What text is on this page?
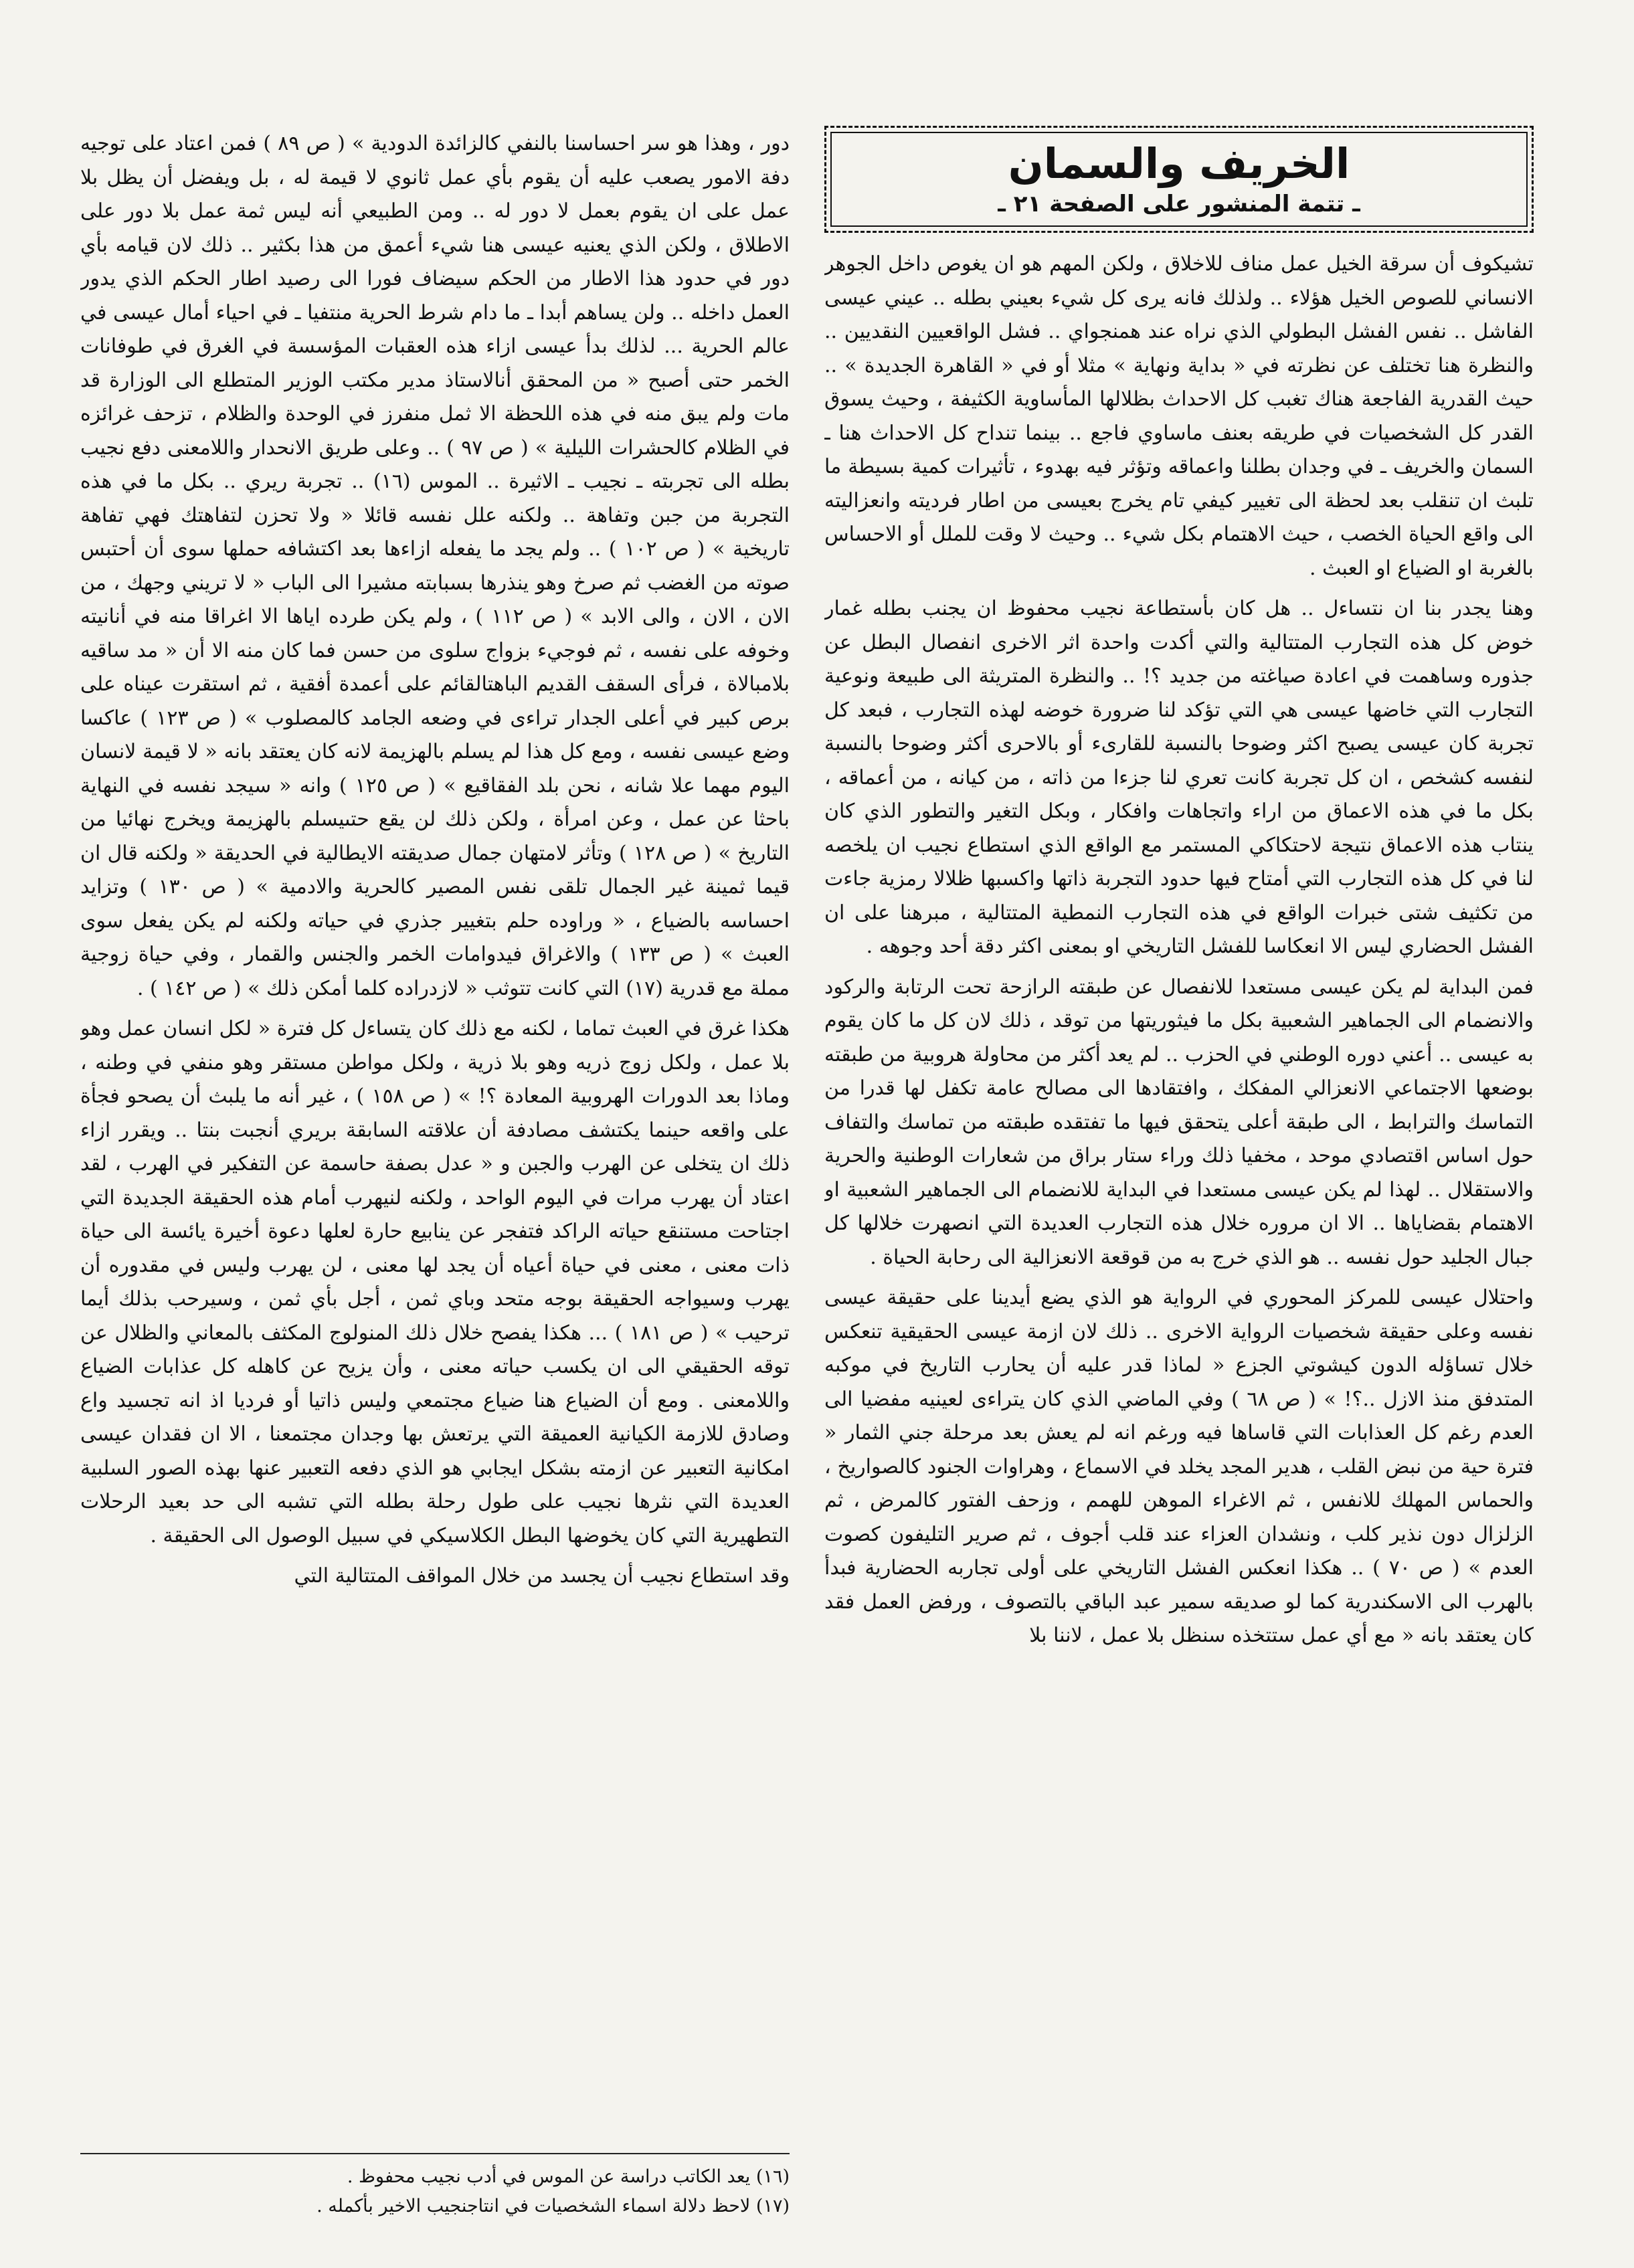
الخريف والسمان
ـ تتمة المنشور على الصفحة ٢١ ـ

تشيكوف أن سرقة الخيل عمل مناف للاخلاق ، ولكن المهم هو ان يغوص داخل الجوهر الانساني للصوص الخيل هؤلاء .. ولذلك فانه يرى كل شيء بعيني بطله .. عيني عيسى الفاشل .. نفس الفشل البطولي الذي نراه عند همنجواي .. فشل الواقعيين النقديين .. والنظرة هنا تختلف عن نظرته في « بداية ونهاية » مثلا أو في « القاهرة الجديدة » .. حيث القدرية الفاجعة هناك تغبب كل الاحداث بظلالها المأساوية الكثيفة ، وحيث يسوق القدر كل الشخصيات في طريقه بعنف ماساوي فاجع .. بينما تنداح كل الاحداث هنا ـ السمان والخريف ـ في وجدان بطلنا واعماقه وتؤثر فيه بهدوء ، تأثيرات كمية بسيطة ما تلبث ان تنقلب بعد لحظة الى تغيير كيفي تام يخرج بعيسى من اطار فرديته وانعزاليته الى واقع الحياة الخصب ، حيث الاهتمام بكل شيء .. وحيث لا وقت للملل أو الاحساس بالغربة او الضياع او العبث .

وهنا يجدر بنا ان نتساءل .. هل كان بأستطاعة نجيب محفوظ ان يجنب بطله غمار خوض كل هذه التجارب المتتالية والتي أكدت واحدة اثر الاخرى انفصال البطل عن جذوره وساهمت في اعادة صياغته من جديد ؟! .. والنظرة المتريثة الى طبيعة ونوعية التجارب التي خاضها عيسى هي التي تؤكد لنا ضرورة خوضه لهذه التجارب ، فبعد كل تجربة كان عيسى يصبح اكثر وضوحا بالنسبة للقارىء أو بالاحرى أكثر وضوحا بالنسبة لنفسه كشخص ، ان كل تجربة كانت تعري لنا جزءا من ذاته ، من كيانه ، من أعماقه ، بكل ما في هذه الاعماق من اراء واتجاهات وافكار ، وبكل التغير والتطور الذي كان ينتاب هذه الاعماق نتيجة لاحتكاكي المستمر مع الواقع الذي استطاع نجيب ان يلخصه لنا في كل هذه التجارب التي أمتاح فيها حدود التجربة ذاتها واكسبها ظلالا رمزية جاءت من تكثيف شتى خبرات الواقع في هذه التجارب النمطية المتتالية ، مبرهنا على ان الفشل الحضاري ليس الا انعكاسا للفشل التاريخي او بمعنى اكثر دقة أحد وجوهه .

فمن البداية لم يكن عيسى مستعدا للانفصال عن طبقته الرازحة تحت الرتابة والركود والانضمام الى الجماهير الشعبية بكل ما فيثوريتها من توقد ، ذلك لان كل ما كان يقوم به عيسى .. أعني دوره الوطني في الحزب .. لم يعد أكثر من محاولة هروبية من طبقته بوضعها الاجتماعي الانعزالي المفكك ، وافتقادها الى مصالح عامة تكفل لها قدرا من التماسك والترابط ، الى طبقة أعلى يتحقق فيها ما تفتقده طبقته من تماسك والتفاف حول اساس اقتصادي موحد ، مخفيا ذلك وراء ستار براق من شعارات الوطنية والحرية والاستقلال .. لهذا لم يكن عيسى مستعدا في البداية للانضمام الى الجماهير الشعبية او الاهتمام بقضاياها .. الا ان مروره خلال هذه التجارب العديدة التي انصهرت خلالها كل جبال الجليد حول نفسه .. هو الذي خرج به من قوقعة الانعزالية الى رحابة الحياة .

واحتلال عيسى للمركز المحوري في الرواية هو الذي يضع أيدينا على حقيقة عيسى نفسه وعلى حقيقة شخصيات الرواية الاخرى .. ذلك لان ازمة عيسى الحقيقية تنعكس خلال تساؤله الدون كيشوتي الجزع « لماذا قدر عليه أن يحارب التاريخ في موكبه المتدفق منذ الازل ..؟! » ( ص ٦٨ ) وفي الماضي الذي كان يتراءى لعينيه مفضيا الى العدم رغم كل العذابات التي قاساها فيه ورغم انه لم يعش بعد مرحلة جني الثمار « فترة حية من نبض القلب ، هدير المجد يخلد في الاسماع ، وهراوات الجنود كالصواريخ ، والحماس المهلك للانفس ، ثم الاغراء الموهن للهمم ، وزحف الفتور كالمرض ، ثم الزلزال دون نذير كلب ، ونشدان العزاء عند قلب أجوف ، ثم صرير التليفون كصوت العدم » ( ص ٧٠ ) .. هكذا انعكس الفشل التاريخي على أولى تجاربه الحضارية فبدأ بالهرب الى الاسكندرية كما لو صديقه سمير عبد الباقي بالتصوف ، ورفض العمل فقد كان يعتقد بانه « مع أي عمل ستتخذه سنظل بلا عمل ، لاننا بلا

دور ، وهذا هو سر احساسنا بالنفي كالزائدة الدودية » ( ص ٨٩ ) فمن اعتاد على توجيه دفة الامور يصعب عليه أن يقوم بأي عمل ثانوي لا قيمة له ، بل ويفضل أن يظل بلا عمل على ان يقوم بعمل لا دور له .. ومن الطبيعي أنه ليس ثمة عمل بلا دور على الاطلاق ، ولكن الذي يعنيه عيسى هنا شيء أعمق من هذا بكثير .. ذلك لان قيامه بأي دور في حدود هذا الاطار من الحكم سيضاف فورا الى رصيد اطار الحكم الذي يدور العمل داخله .. ولن يساهم أبدا ـ ما دام شرط الحرية منتفيا ـ في احياء أمال عيسى في عالم الحرية ... لذلك بدأ عيسى ازاء هذه العقبات المؤسسة في الغرق في طوفانات الخمر حتى أصبح « من المحقق أنالاستاذ مدير مكتب الوزير المتطلع الى الوزارة قد مات ولم يبق منه في هذه اللحظة الا ثمل منفرز في الوحدة والظلام ، تزحف غرائزه في الظلام كالحشرات الليلية » ( ص ٩٧ ) .. وعلى طريق الانحدار واللامعنى دفع نجيب بطله الى تجربته ـ نجيب ـ الاثيرة .. الموس (١٦) .. تجربة ريري .. بكل ما في هذه التجربة من جبن وتفاهة .. ولكنه علل نفسه قائلا « ولا تحزن لتفاهتك فهي تفاهة تاريخية » ( ص ١٠٢ ) .. ولم يجد ما يفعله ازاءها بعد اكتشافه حملها سوى أن أحتبس صوته من الغضب ثم صرخ وهو ينذرها بسبابته مشيرا الى الباب « لا تريني وجهك ، من الان ، الان ، والى الابد » ( ص ١١٢ ) ، ولم يكن طرده اياها الا اغراقا منه في أنانيته وخوفه على نفسه ، ثم فوجيء بزواج سلوى من حسن فما كان منه الا أن « مد ساقيه بلامبالاة ، فرأى السقف القديم الباهتالقائم على أعمدة أفقية ، ثم استقرت عيناه على برص كبير في أعلى الجدار تراءى في وضعه الجامد كالمصلوب » ( ص ١٢٣ ) عاكسا وضع عيسى نفسه ، ومع كل هذا لم يسلم بالهزيمة لانه كان يعتقد بانه « لا قيمة لانسان اليوم مهما علا شانه ، نحن بلد الفقاقيع » ( ص ١٢٥ ) وانه « سيجد نفسه في النهاية باحثا عن عمل ، وعن امرأة ، ولكن ذلك لن يقع حتىيسلم بالهزيمة ويخرج نهائيا من التاريخ » ( ص ١٢٨ ) وتأثر لامتهان جمال صديقته الايطالية في الحديقة « ولكنه قال ان قيما ثمينة غير الجمال تلقى نفس المصير كالحرية والادمية » ( ص ١٣٠ ) وتزايد احساسه بالضياع ، « وراوده حلم بتغيير جذري في حياته ولكنه لم يكن يفعل سوى العبث » ( ص ١٣٣ ) والاغراق فيدوامات الخمر والجنس والقمار ، وفي حياة زوجية مملة مع قدرية (١٧) التي كانت تتوثب « لازدراده كلما أمكن ذلك » ( ص ١٤٢ ) .

هكذا غرق في العبث تماما ، لكنه مع ذلك كان يتساءل كل فترة « لكل انسان عمل وهو بلا عمل ، ولكل زوج ذريه وهو بلا ذرية ، ولكل مواطن مستقر وهو منفي في وطنه ، وماذا بعد الدورات الهروبية المعادة ؟! » ( ص ١٥٨ ) ، غير أنه ما يلبث أن يصحو فجأة على واقعه حينما يكتشف مصادفة أن علاقته السابقة بريري أنجبت بنتا .. ويقرر ازاء ذلك ان يتخلى عن الهرب والجبن و « عدل بصفة حاسمة عن التفكير في الهرب ، لقد اعتاد أن يهرب مرات في اليوم الواحد ، ولكنه لنيهرب أمام هذه الحقيقة الجديدة التي اجتاحت مستنقع حياته الراكد فتفجر عن ينابيع حارة لعلها دعوة أخيرة يائسة الى حياة ذات معنى ، معنى في حياة أعياه أن يجد لها معنى ، لن يهرب وليس في مقدوره أن يهرب وسيواجه الحقيقة بوجه متحد وباي ثمن ، أجل بأي ثمن ، وسيرحب بذلك أيما ترحيب » ( ص ١٨١ ) ... هكذا يفصح خلال ذلك المنولوج المكثف بالمعاني والظلال عن توقه الحقيقي الى ان يكسب حياته معنى ، وأن يزيح عن كاهله كل عذابات الضياع واللامعنى . ومع أن الضياع هنا ضياع مجتمعي وليس ذاتيا أو فرديا اذ انه تجسيد واع وصادق للازمة الكيانية العميقة التي يرتعش بها وجدان مجتمعنا ، الا ان فقدان عيسى امكانية التعبير عن ازمته بشكل ايجابي هو الذي دفعه التعبير عنها بهذه الصور السلبية العديدة التي نثرها نجيب على طول رحلة بطله التي تشبه الى حد بعيد الرحلات التطهيرية التي كان يخوضها البطل الكلاسيكي في سبيل الوصول الى الحقيقة .

وقد استطاع نجيب أن يجسد من خلال المواقف المتتالية التي

(١٦) يعد الكاتب دراسة عن الموس في أدب نجيب محفوظ .

(١٧) لاحظ دلالة اسماء الشخصيات في انتاجنجيب الاخير بأكمله .
